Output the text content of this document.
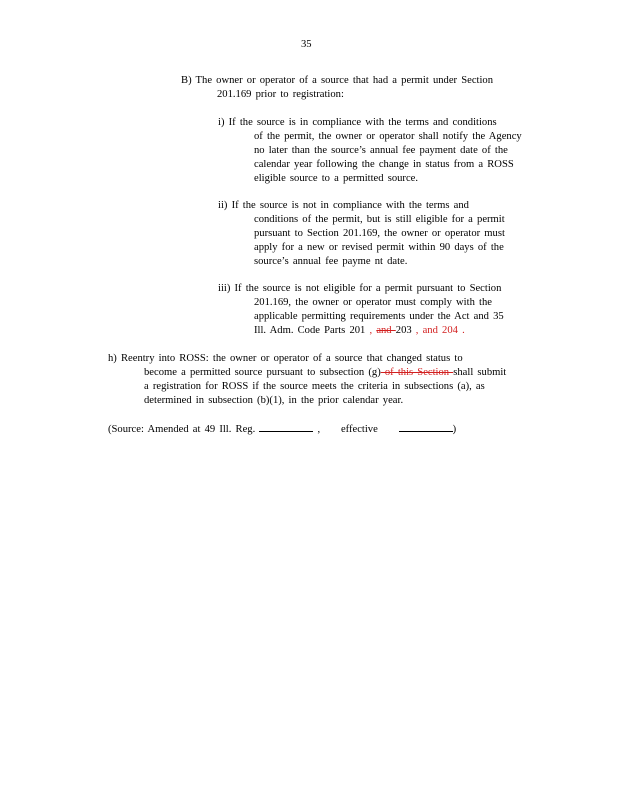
35
B) The owner or operator of a source that had a permit under Section
201.169 prior to registration:
i) If the source is in compliance with the terms and conditions
of the permit, the owner or operator shall notify the Agency
no later than the source’s annual fee payment date of the
calendar year following the change in status from a ROSS
eligible source to a permitted source.
ii) If the source is not in compliance with the terms and
conditions of the permit, but is still eligible for a permit
pursuant to Section 201.169, the owner or operator must
apply for a new or revised permit within 90 days of the
source’s annual fee payme nt date.
iii) If the source is not eligible for a permit pursuant to Section
201.169, the owner or operator must comply with the
applicable permitting requirements under the Act and 35
Ill. Adm. Code Parts 201 , and 203 , and 204 .
h) Reentry into ROSS: the owner or operator of a source that changed status to
become a permitted source pursuant to subsection (g) of this Section shall submit
a registration for ROSS if the source meets the criteria in subsections (a), as
determined in subsection (b)(1), in the prior calendar year.
(Source: Amended at 49 Ill. Reg.	, effective	)
